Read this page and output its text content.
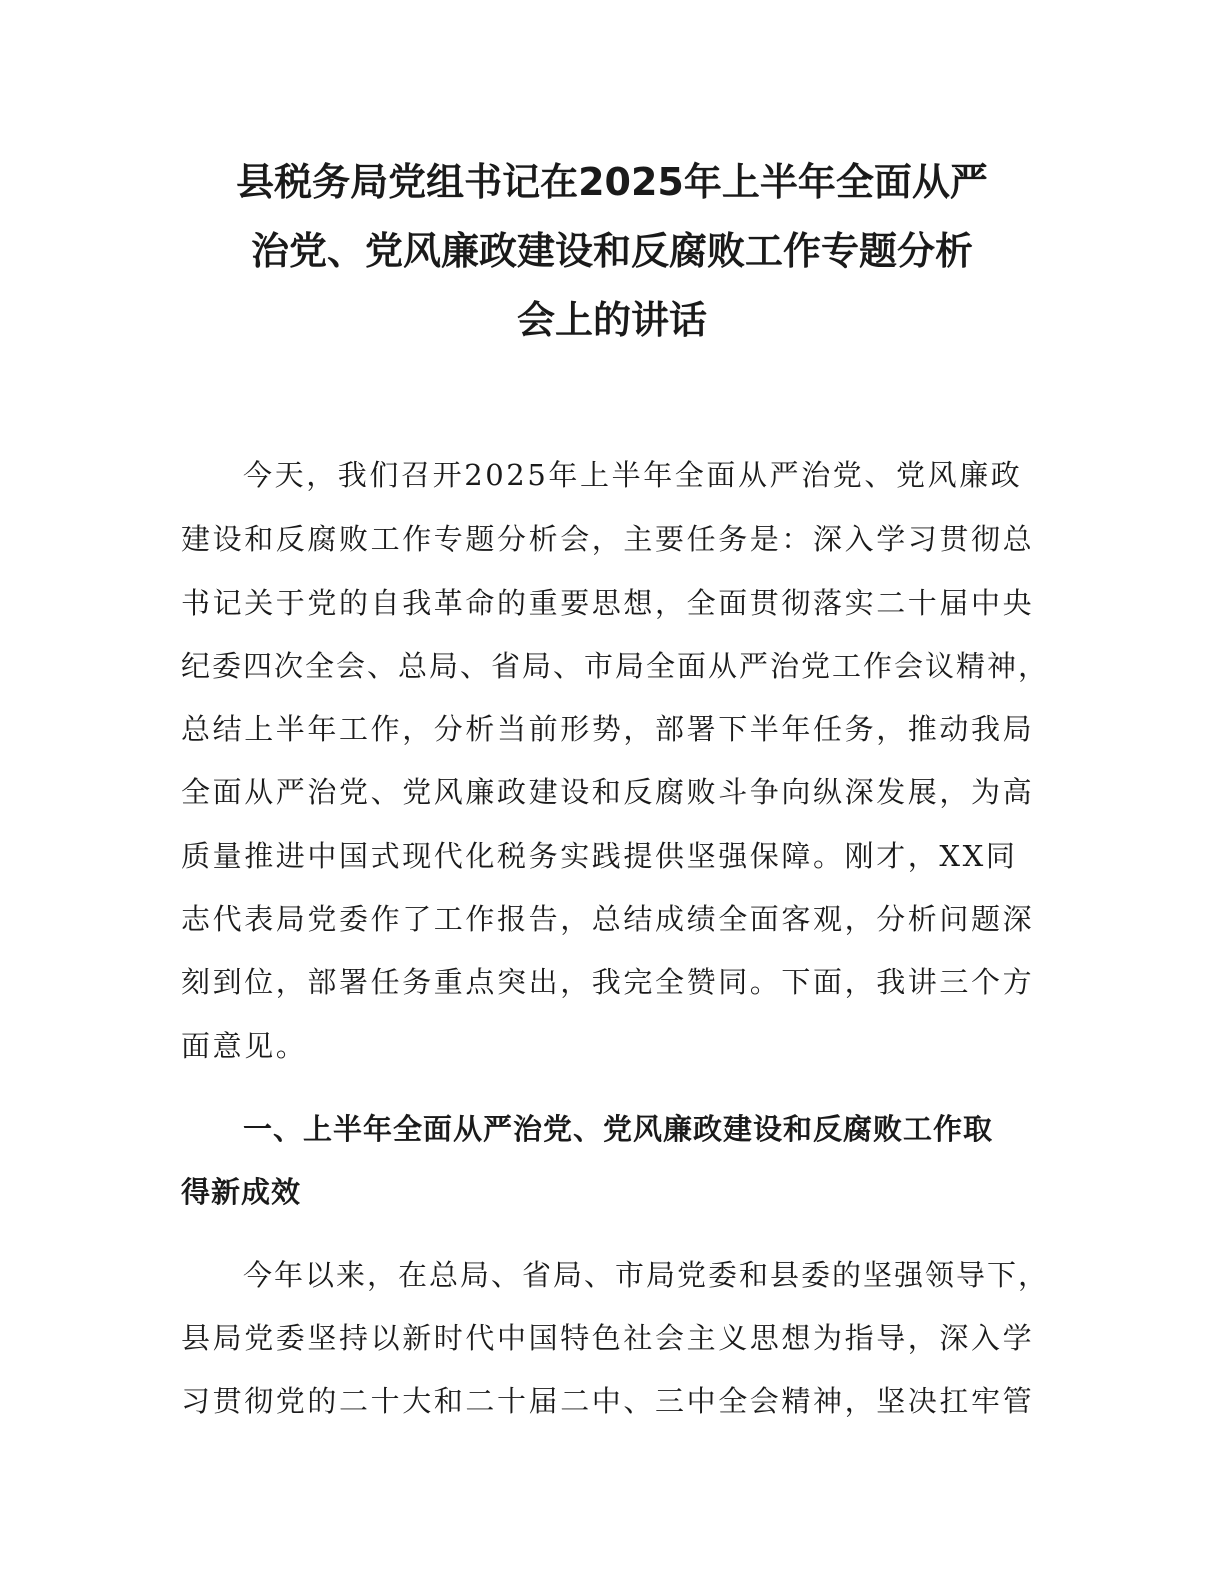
县税务局党组书记在2025年上半年全面从严
治党、党风廉政建设和反腐败工作专题分析
会上的讲话

今天，我们召开2025年上半年全面从严治党、党风廉政

建设和反腐败工作专题分析会，主要任务是：深入学习贯彻总

书记关于党的自我革命的重要思想，全面贯彻落实二十届中央

纪委四次全会、总局、省局、市局全面从严治党工作会议精神，

总结上半年工作，分析当前形势，部署下半年任务，推动我局

全面从严治党、党风廉政建设和反腐败斗争向纵深发展，为高

质量推进中国式现代化税务实践提供坚强保障。刚才，XX同

志代表局党委作了工作报告，总结成绩全面客观，分析问题深

刻到位，部署任务重点突出，我完全赞同。下面，我讲三个方

面意见。

一、上半年全面从严治党、党风廉政建设和反腐败工作取

得新成效

今年以来，在总局、省局、市局党委和县委的坚强领导下，

县局党委坚持以新时代中国特色社会主义思想为指导，深入学

习贯彻党的二十大和二十届二中、三中全会精神，坚决扛牢管
